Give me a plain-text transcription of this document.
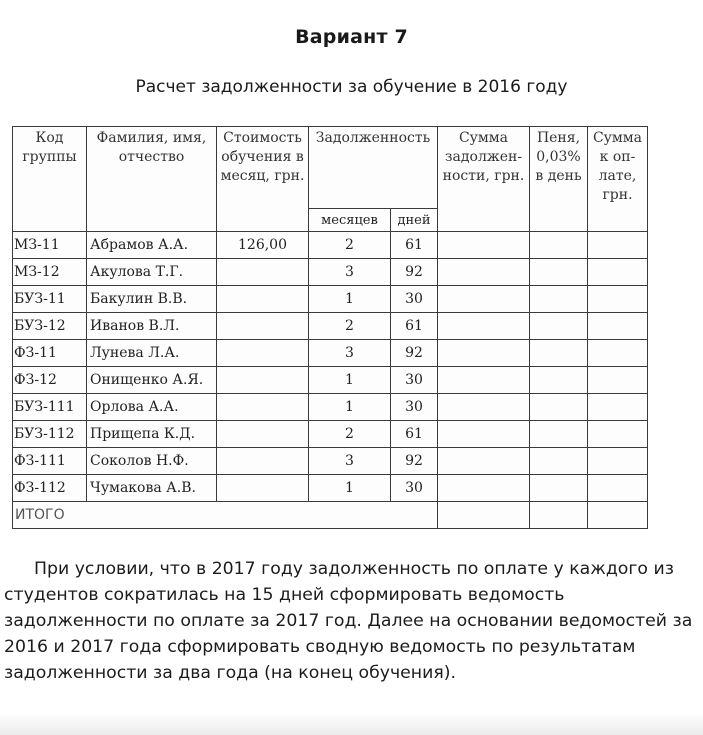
Вариант 7
Расчет задолженности за обучение в 2016 году
Код группы	Фамилия, имя, отчество	Стоимость обучения в месяц, грн.	Задолженность		Сумма задолжен-ности, грн.	Пеня, 0,03% в день	Сумма к оп-лате, грн.
			месяцев	дней			
МЗ-11	Абрамов А.А.	126,00	2	61			
МЗ-12	Акулова Т.Г.		3	92			
БУЗ-11	Бакулин В.В.		1	30			
БУЗ-12	Иванов В.Л.		2	61			
ФЗ-11	Лунева Л.А.		3	92			
ФЗ-12	Онищенко А.Я.		1	30			
БУЗ-111	Орлова А.А.		1	30			
БУЗ-112	Прищепа К.Д.		2	61			
ФЗ-111	Соколов Н.Ф.		3	92			
ФЗ-112	Чумакова А.В.		1	30			
ИТОГО							

При условии, что в 2017 году задолженность по оплате у каждого из студентов сократилась на 15 дней сформировать ведомость задолженности по оплате за 2017 год. Далее на основании ведомостей за 2016 и 2017 года сформировать сводную ведомость по результатам задолженности за два года (на конец обучения).
